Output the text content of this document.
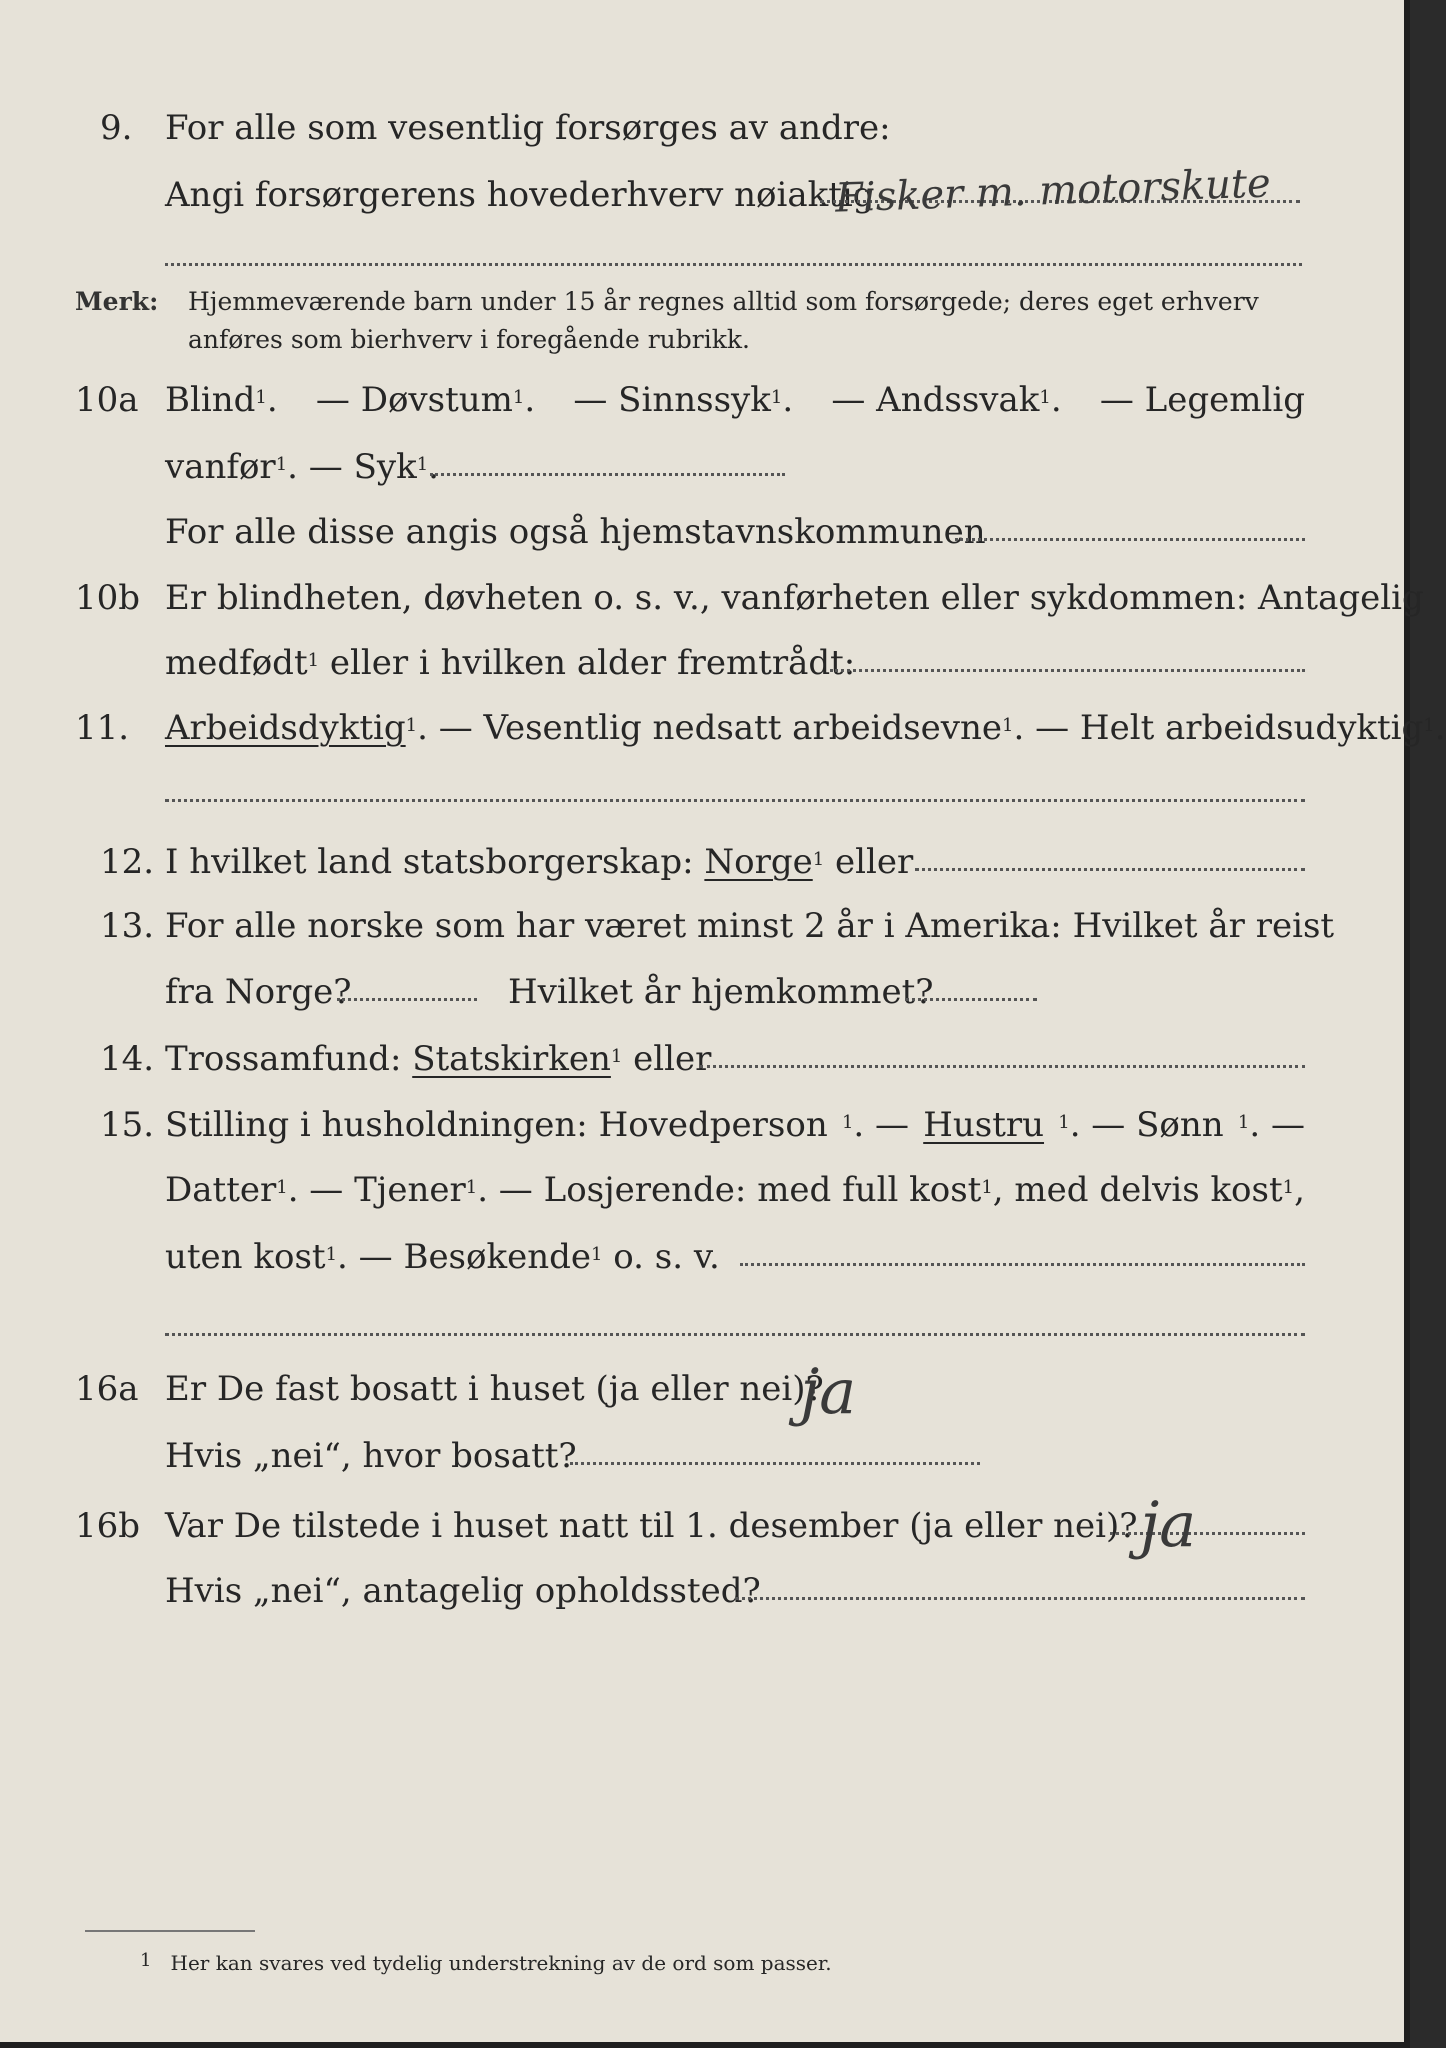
9. For alle som vesentlig forsørges av andre:
Angi forsørgerens hovederhverv nøiaktig
Fisker m. motorskute
Merk: Hjemmeværende barn under 15 år regnes alltid som forsørgede; deres eget erhverv
anføres som bierhverv i foregående rubrikk.
10a Blind$^1$. — Døvstum$^1$. — Sinnssyk$^1$. — Andssvak$^1$. — Legemlig
vanfør$^1$. — Syk$^1$.
For alle disse angis også hjemstavnskommunen
10b Er blindheten, døvheten o. s. v., vanførheten eller sykdommen: Antagelig
medfødt$^1$ eller i hvilken alder fremtrådt:
11. Arbeidsdyktig$^1$. — Vesentlig nedsatt arbeidsevne$^1$. — Helt arbeidsudyktig$^1$.
12. I hvilket land statsborgerskap: Norge$^1$ eller
13. For alle norske som har været minst 2 år i Amerika: Hvilket år reist
fra Norge?	Hvilket år hjemkommet?
14. Trossamfund: Statskirken$^1$ eller
15. Stilling i husholdningen: Hovedperson $^1$. — Hustru $^1$. — Sønn $^1$. —
Datter$^1$. — Tjener$^1$. — Losjerende: med full kost$^1$, med delvis kost$^1$,
uten kost$^1$. — Besøkende$^1$ o. s. v.
16a Er De fast bosatt i huset (ja eller nei)?
Hvis „nei“, hvor bosatt?
ja
16b Var De tilstede i huset natt til 1. desember (ja eller nei)? ja
Hvis „nei“, antagelig opholdssted?
$^1$ Her kan svares ved tydelig understrekning av de ord som passer.
